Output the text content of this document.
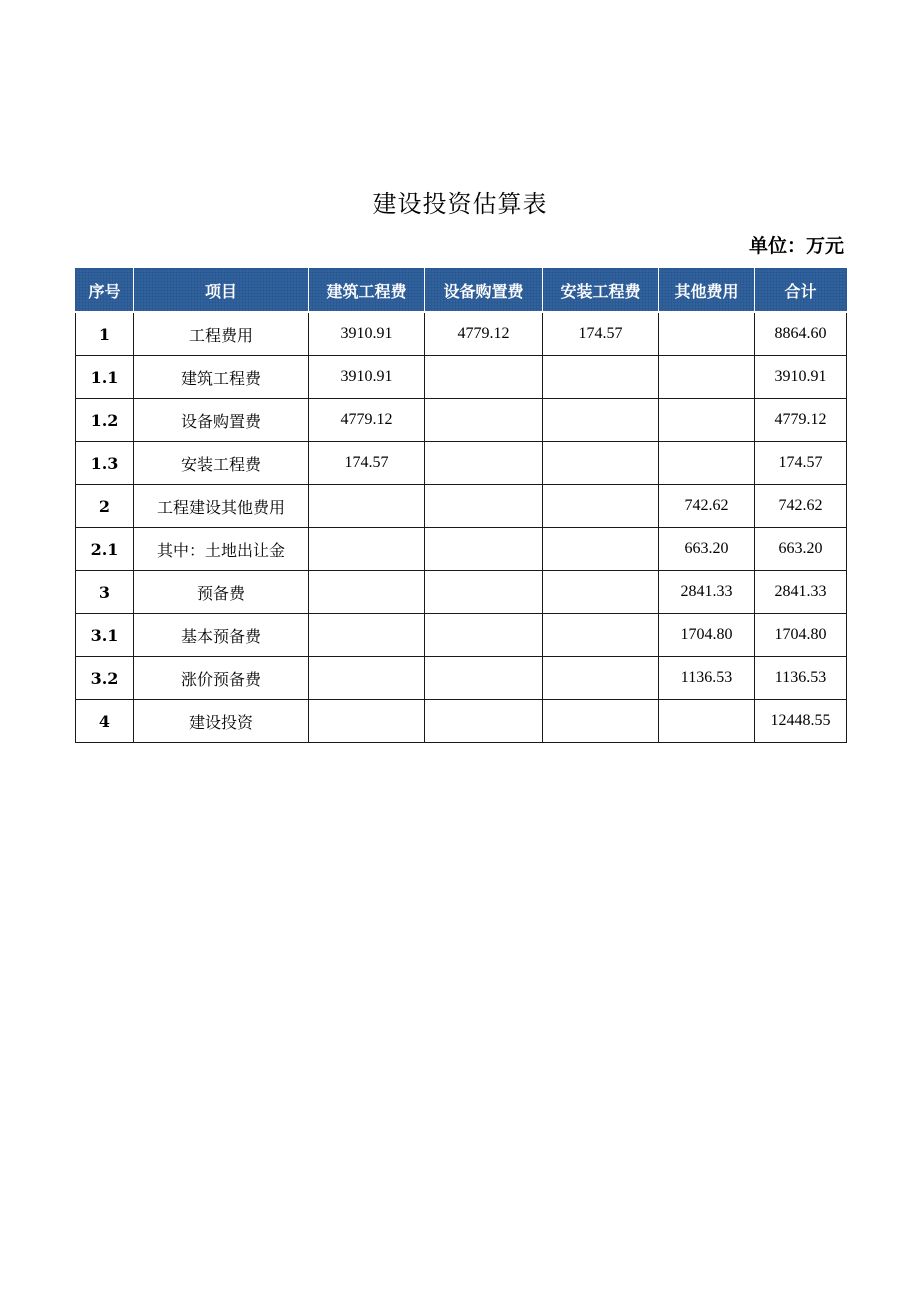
建设投资估算表
单位：万元
序号	项目	建筑工程费	设备购置费	安装工程费	其他费用	合计
1	工程费用	3910.91	4779.12	174.57		8864.60
1.1	建筑工程费	3910.91				3910.91
1.2	设备购置费	4779.12				4779.12
1.3	安装工程费	174.57				174.57
2	工程建设其他费用				742.62	742.62
2.1	其中：土地出让金				663.20	663.20
3	预备费				2841.33	2841.33
3.1	基本预备费				1704.80	1704.80
3.2	涨价预备费				1136.53	1136.53
4	建设投资					12448.55
